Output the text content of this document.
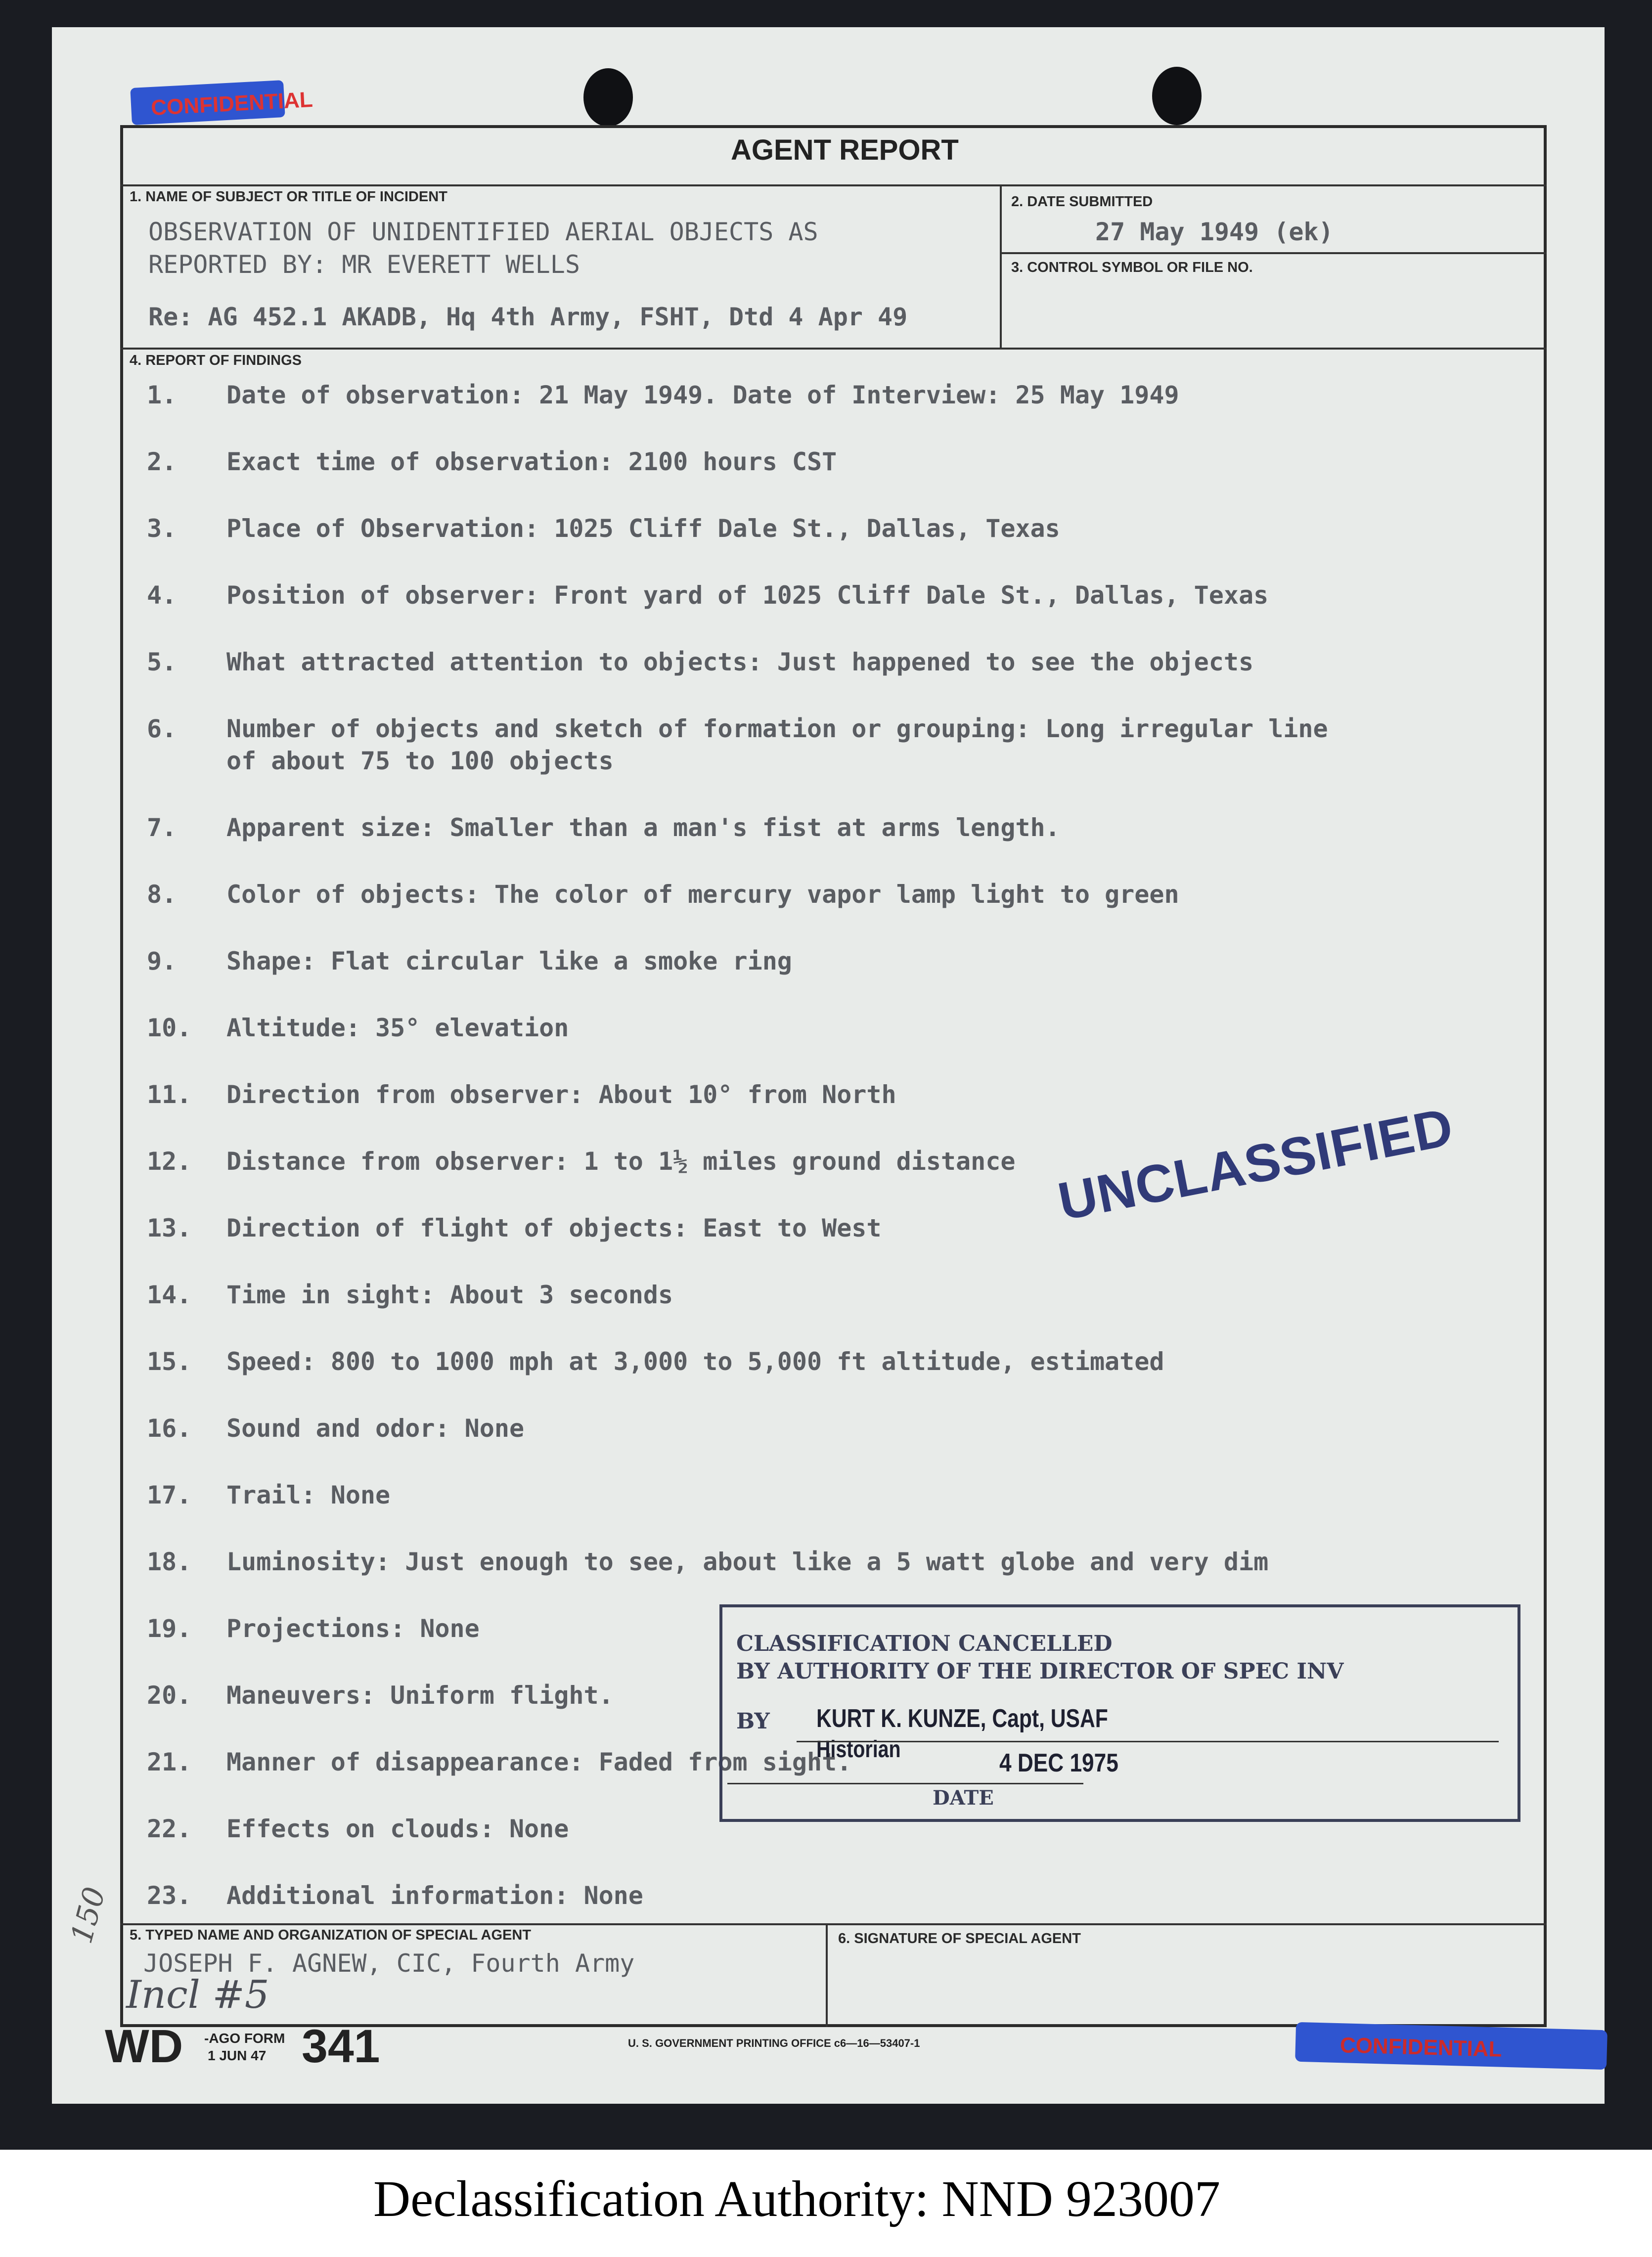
CONFIDENTIAL
AGENT REPORT
1. NAME OF SUBJECT OR TITLE OF INCIDENT
OBSERVATION OF UNIDENTIFIED AERIAL OBJECTS AS
REPORTED BY: MR EVERETT WELLS
Re: AG 452.1 AKADB, Hq 4th Army, FSHT, Dtd 4 Apr 49
2. DATE SUBMITTED
27 May 1949 (ek)
3. CONTROL SYMBOL OR FILE NO.
4. REPORT OF FINDINGS
1. Date of observation: 21 May 1949. Date of Interview: 25 May 1949
2. Exact time of observation: 2100 hours CST
3. Place of Observation: 1025 Cliff Dale St., Dallas, Texas
4. Position of observer: Front yard of 1025 Cliff Dale St., Dallas, Texas
5. What attracted attention to objects: Just happened to see the objects
6. Number of objects and sketch of formation or grouping: Long irregular line
of about 75 to 100 objects
7. Apparent size: Smaller than a man's fist at arms length.
8. Color of objects: The color of mercury vapor lamp light to green
9. Shape: Flat circular like a smoke ring
10. Altitude: 35° elevation
11. Direction from observer: About 10° from North
12. Distance from observer: 1 to 1½ miles ground distance
13. Direction of flight of objects: East to West
14. Time in sight: About 3 seconds
15. Speed: 800 to 1000 mph at 3,000 to 5,000 ft altitude, estimated
16. Sound and odor: None
17. Trail: None
18. Luminosity: Just enough to see, about like a 5 watt globe and very dim
19. Projections: None
20. Maneuvers: Uniform flight.
21. Manner of disappearance: Faded from sight.
22. Effects on clouds: None
23. Additional information: None
UNCLASSIFIED
CLASSIFICATION CANCELLED
BY AUTHORITY OF THE DIRECTOR OF SPEC INV
BY KURT K. KUNZE, Capt, USAF
Historian	4 DEC 1975
DATE
5. TYPED NAME AND ORGANIZATION OF SPECIAL AGENT
JOSEPH F. AGNEW, CIC, Fourth Army
6. SIGNATURE OF SPECIAL AGENT
150
Incl #5
WD -AGO FORM
1 JUN 47 341	U. S. GOVERNMENT PRINTING OFFICE c6—16—53407-1	CONFIDENTIAL
Declassification Authority: NND 923007
